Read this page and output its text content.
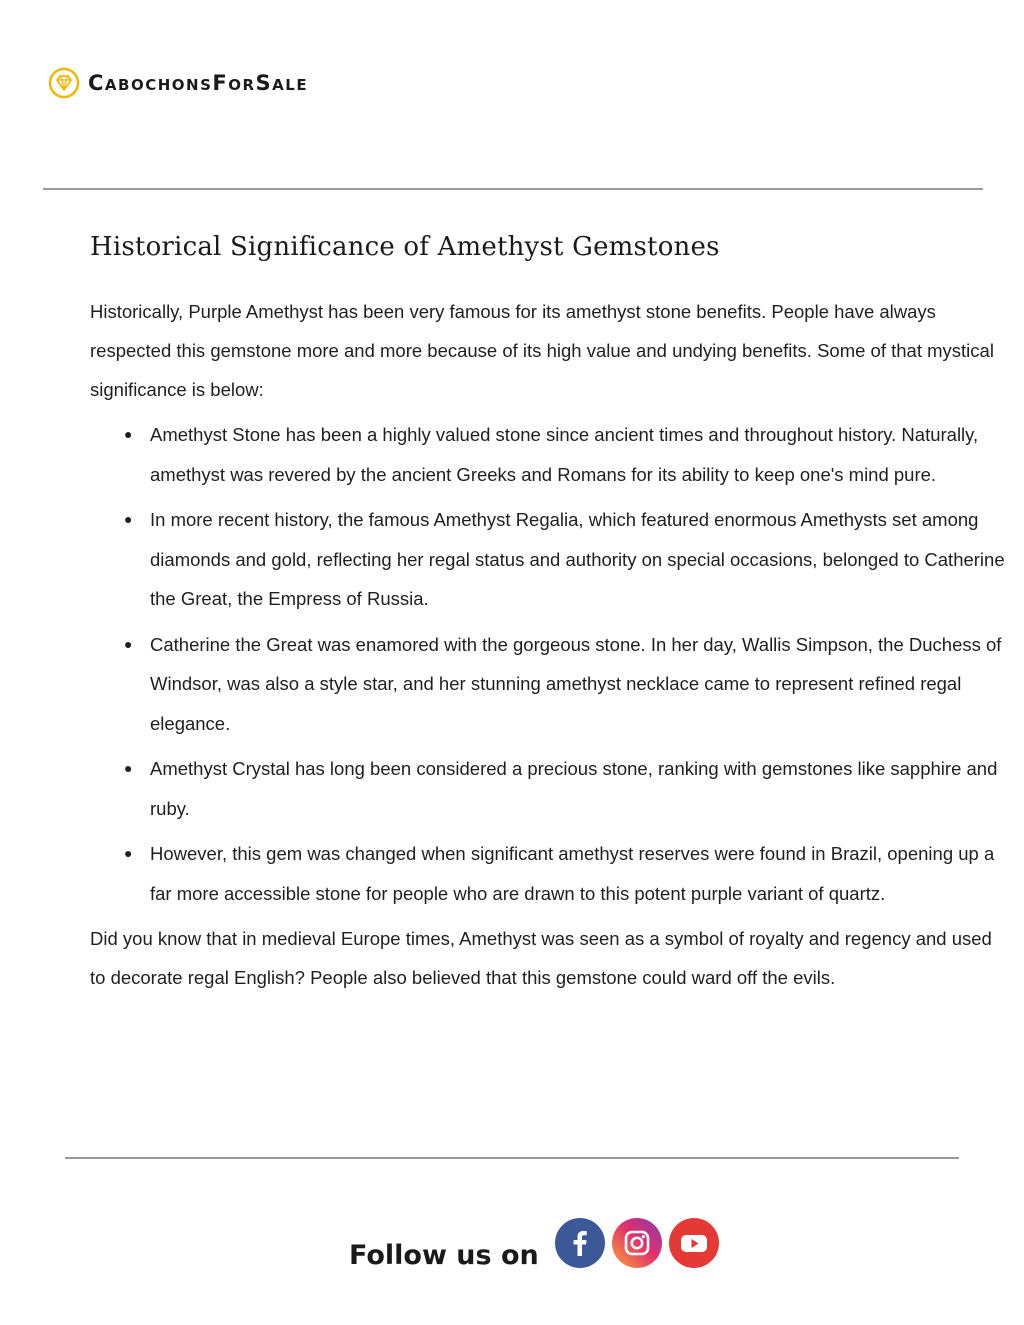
CabochonsForSale
Historical Significance of Amethyst Gemstones

Historically, Purple Amethyst has been very famous for its amethyst stone benefits. People have always respected this gemstone more and more because of its high value and undying benefits. Some of that mystical significance is below:

● Amethyst Stone has been a highly valued stone since ancient times and throughout history. Naturally, amethyst was revered by the ancient Greeks and Romans for its ability to keep one's mind pure.
● In more recent history, the famous Amethyst Regalia, which featured enormous Amethysts set among diamonds and gold, reflecting her regal status and authority on special occasions, belonged to Catherine the Great, the Empress of Russia.
● Catherine the Great was enamored with the gorgeous stone. In her day, Wallis Simpson, the Duchess of Windsor, was also a style star, and her stunning amethyst necklace came to represent refined regal elegance.
● Amethyst Crystal has long been considered a precious stone, ranking with gemstones like sapphire and ruby.
● However, this gem was changed when significant amethyst reserves were found in Brazil, opening up a far more accessible stone for people who are drawn to this potent purple variant of quartz.

Did you know that in medieval Europe times, Amethyst was seen as a symbol of royalty and regency and used to decorate regal English? People also believed that this gemstone could ward off the evils.

Follow us on
